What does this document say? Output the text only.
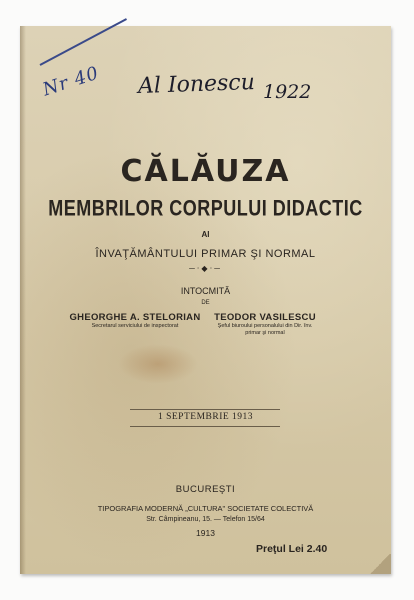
Nr 40 Al Ionescu 1922
CĂLĂUZA
MEMBRILOR CORPULUI DIDACTIC
AI
ÎNVAŢĂMÂNTULUI PRIMAR ŞI NORMAL
─·◆·─
INTOCMITĂ
DE
GHEORGHE A. STELORIAN
Secretarul serviciului de inspectorat
TEODOR VASILESCU
Şeful biuroului personalului din Dir. înv.
primar şi normal
1 SEPTEMBRIE 1913
BUCUREŞTI
TIPOGRAFIA MODERNĂ „CULTURA" SOCIETATE COLECTIVĂ
Str. Câmpineanu, 15. — Telefon 15/64
1913
Preţul Lei 2.40
